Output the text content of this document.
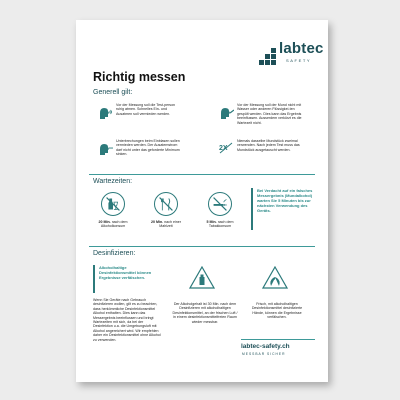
labtec
SAFETY
Richtig messen
Generell gilt:
Vor der Messung soll die Test-person ruhig atmen. Schnelles Ein- und Ausatmen soll vermieden werden.
Vor der Messung soll der Mund nicht mit Wasser oder anderen Flüssigkei-ten gespült werden. Dies kann das Ergebnis beeinflussen. Ausserdem verkürzt es die Wartezeit nicht.
Unterbrechungen beim Einblasen sollen vermieden werden. Der Ausatemstrom darf nicht unter das geforderte Minimum sinken.
2X
Niemals dasselbe Mundstück zweimal verwenden. Nach jedem Test muss das Mundstück ausgetauscht werden.
Wartezeiten:
20 Min. nach dem Alkoholkonsum
20 Min. nach einer Mahlzeit
5 Min. nach dem Tabakkonsum
Bei Verdacht auf ein falsches Messergebnis (Mundalkohol) warten Sie 5 Minuten bis zur nächsten Verwendung des Geräts.
Desinfizieren:
Alkoholhaltige Desinfektionsmittel können Ergebnisse verfälschen.
Wenn Sie Geräte nach Gebrauch desinfizieren wollen, gilt es zu beachten, dass herkömmliche Desinfektionsmittel Alkohol enthalten. Dies kann das Messergebnis beeinflussen und bringt Wartezeiten mit sich, da bei der Desinfektion u.a. die Umgebungsluft mit Alkohol angereichert wird. Wir empfehlen daher ein Desinfektionsmittel ohne Alkohol zu verwenden.
Der Alkoholgehalt ist 30 Min. nach dem Desinfizieren mit alkoholhaltigen Desinfektionsmittel, an der frischen Luft / in einem desinfektionsmittelfreien Raum wieder messbar.
Frisch, mit alkoholhaltigen Desinfektionsmittel desinfizierte Hände, können die Ergebnisse verfälschen.
labtec-safety.ch
MESSBAR SICHER
